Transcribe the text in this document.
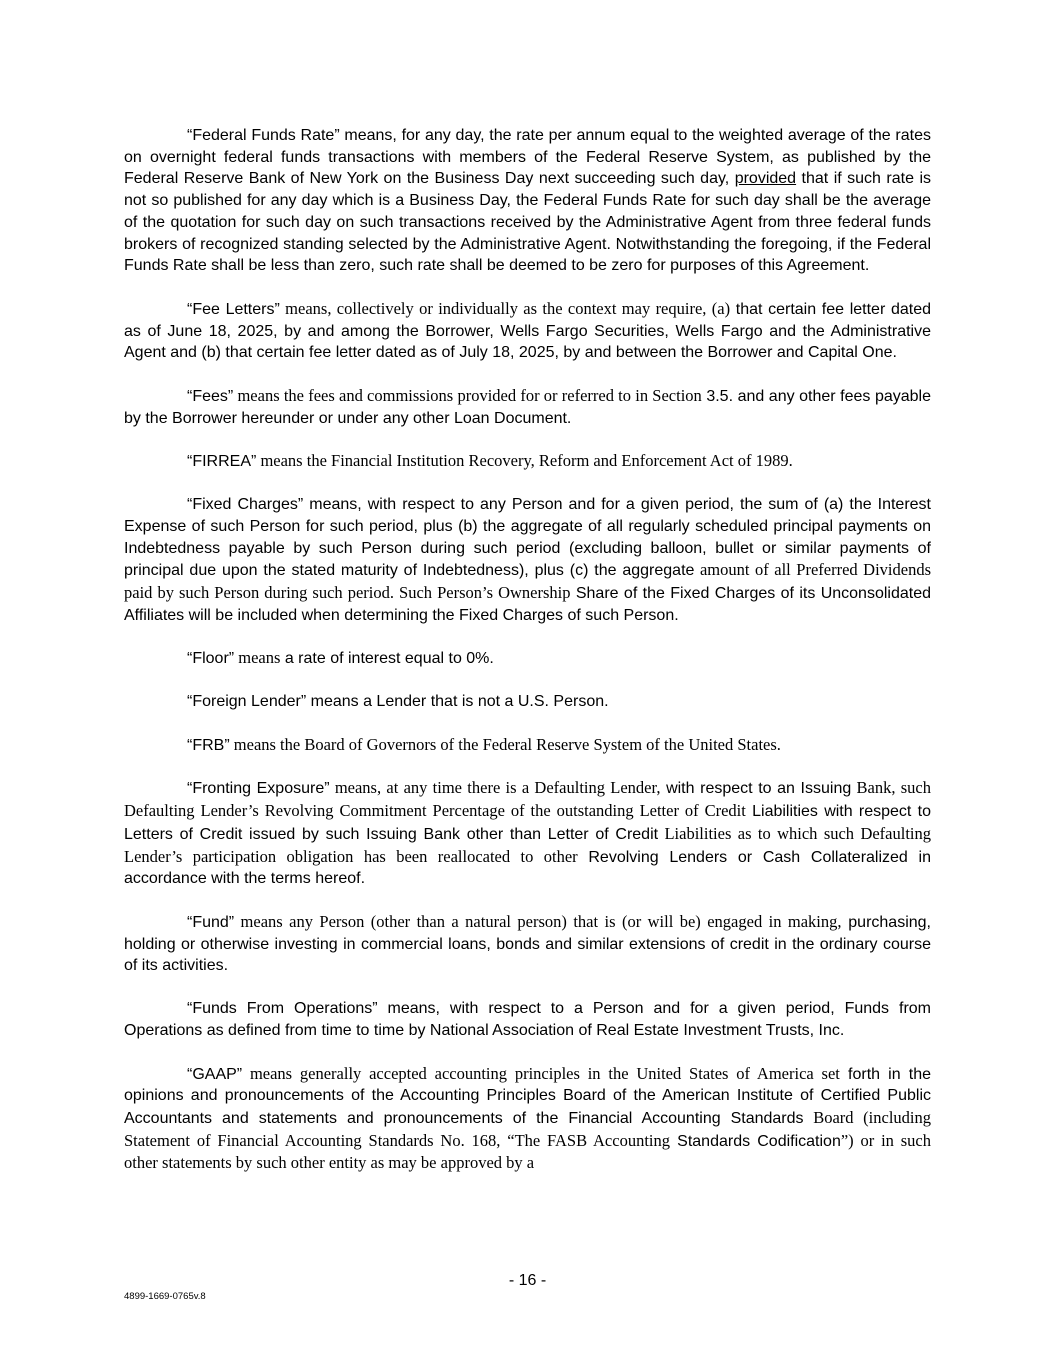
“Federal Funds Rate” means, for any day, the rate per annum equal to the weighted average of the rates on overnight federal funds transactions with members of the Federal Reserve System, as published by the Federal Reserve Bank of New York on the Business Day next succeeding such day, provided that if such rate is not so published for any day which is a Business Day, the Federal Funds Rate for such day shall be the average of the quotation for such day on such transactions received by the Administrative Agent from three federal funds brokers of recognized standing selected by the Administrative Agent. Notwithstanding the foregoing, if the Federal Funds Rate shall be less than zero, such rate shall be deemed to be zero for purposes of this Agreement.

“Fee Letters” means, collectively or individually as the context may require, (a) that certain fee letter dated as of June 18, 2025, by and among the Borrower, Wells Fargo Securities, Wells Fargo and the Administrative Agent and (b) that certain fee letter dated as of July 18, 2025, by and between the Borrower and Capital One.

“Fees” means the fees and commissions provided for or referred to in Section 3.5. and any other fees payable by the Borrower hereunder or under any other Loan Document.

“FIRREA” means the Financial Institution Recovery, Reform and Enforcement Act of 1989.

“Fixed Charges” means, with respect to any Person and for a given period, the sum of (a) the Interest Expense of such Person for such period, plus (b) the aggregate of all regularly scheduled principal payments on Indebtedness payable by such Person during such period (excluding balloon, bullet or similar payments of principal due upon the stated maturity of Indebtedness), plus (c) the aggregate amount of all Preferred Dividends paid by such Person during such period. Such Person’s Ownership Share of the Fixed Charges of its Unconsolidated Affiliates will be included when determining the Fixed Charges of such Person.

“Floor” means a rate of interest equal to 0%.

“Foreign Lender” means a Lender that is not a U.S. Person.

“FRB” means the Board of Governors of the Federal Reserve System of the United States.

“Fronting Exposure” means, at any time there is a Defaulting Lender, with respect to an Issuing Bank, such Defaulting Lender’s Revolving Commitment Percentage of the outstanding Letter of Credit Liabilities with respect to Letters of Credit issued by such Issuing Bank other than Letter of Credit Liabilities as to which such Defaulting Lender’s participation obligation has been reallocated to other Revolving Lenders or Cash Collateralized in accordance with the terms hereof.

“Fund” means any Person (other than a natural person) that is (or will be) engaged in making, purchasing, holding or otherwise investing in commercial loans, bonds and similar extensions of credit in the ordinary course of its activities.

“Funds From Operations” means, with respect to a Person and for a given period, Funds from Operations as defined from time to time by National Association of Real Estate Investment Trusts, Inc.

“GAAP” means generally accepted accounting principles in the United States of America set forth in the opinions and pronouncements of the Accounting Principles Board of the American Institute of Certified Public Accountants and statements and pronouncements of the Financial Accounting Standards Board (including Statement of Financial Accounting Standards No. 168, “The FASB Accounting Standards Codification”) or in such other statements by such other entity as may be approved by a

- 16 -
4899-1669-0765v.8
